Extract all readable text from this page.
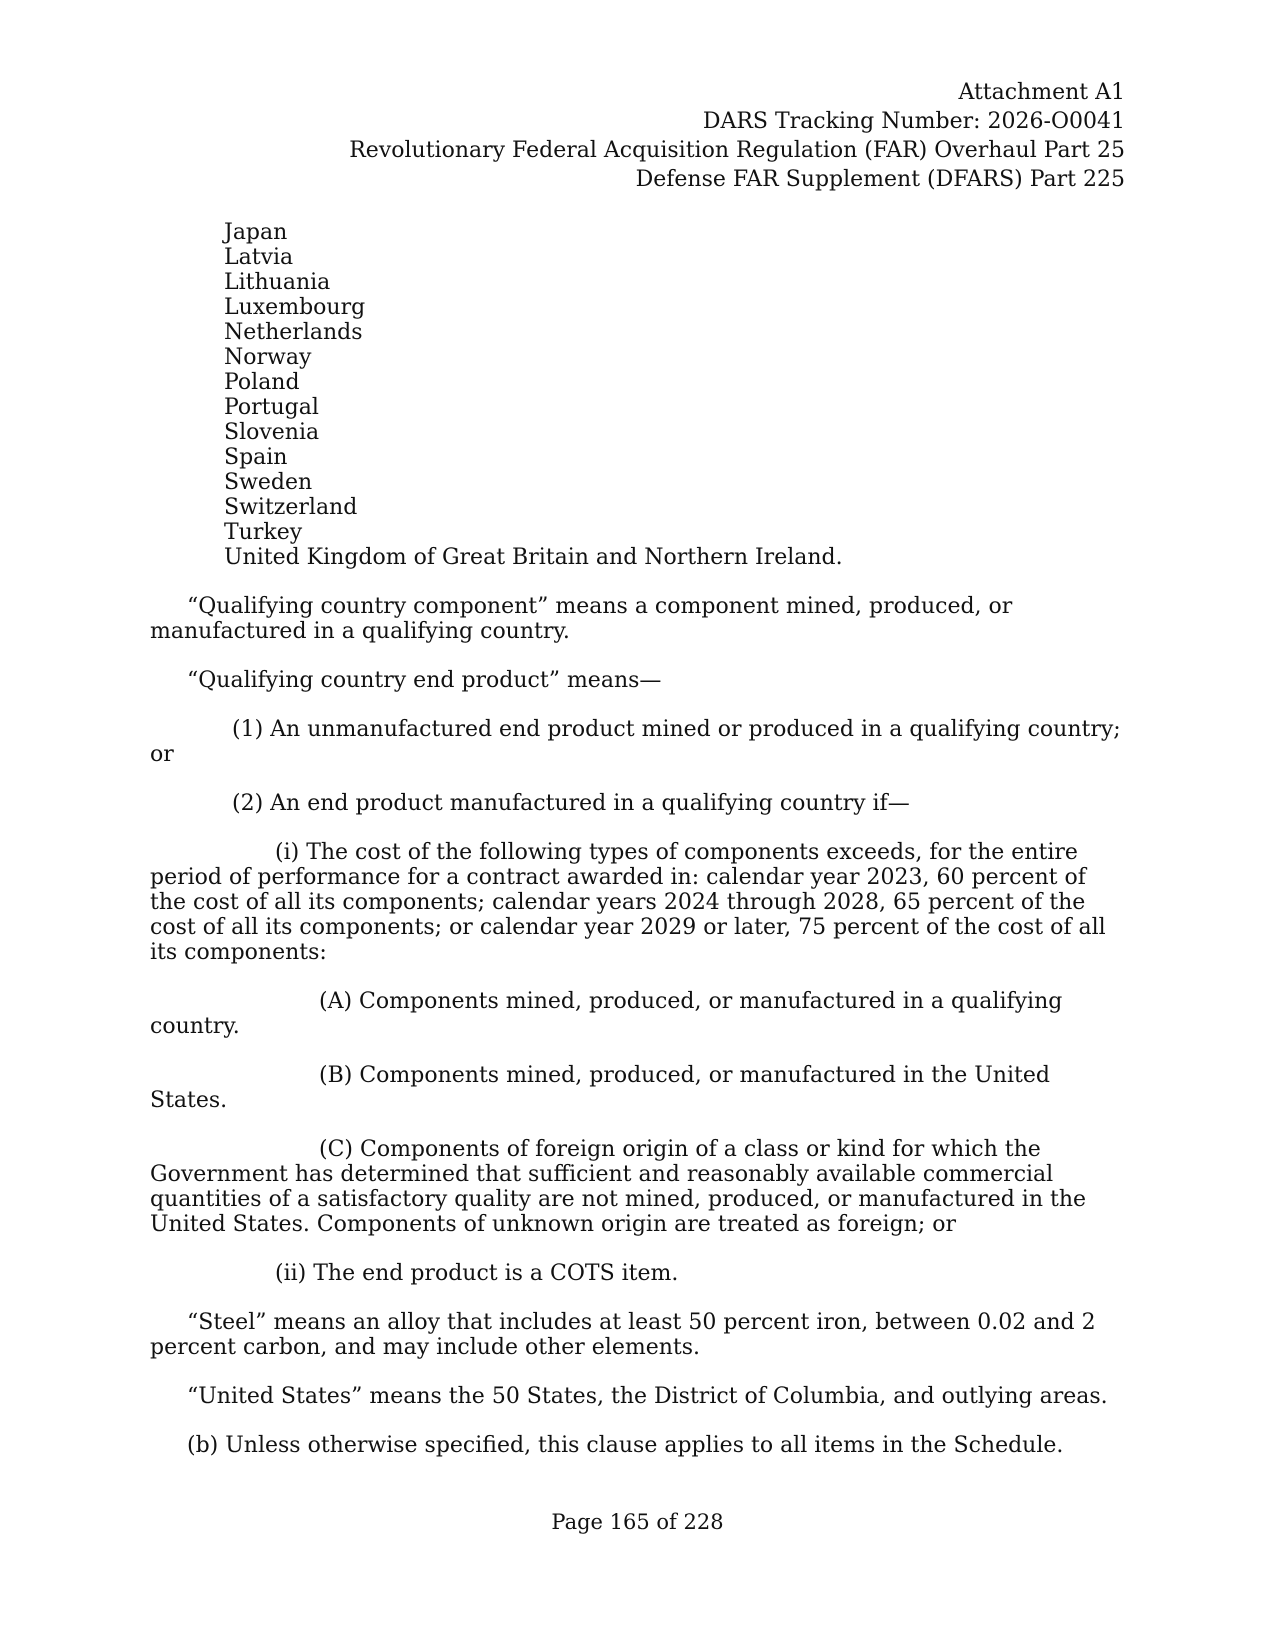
Attachment A1
DARS Tracking Number: 2026-O0041
Revolutionary Federal Acquisition Regulation (FAR) Overhaul Part 25
Defense FAR Supplement (DFARS) Part 225
Japan
Latvia
Lithuania
Luxembourg
Netherlands
Norway
Poland
Portugal
Slovenia
Spain
Sweden
Switzerland
Turkey
United Kingdom of Great Britain and Northern Ireland.

“Qualifying country component” means a component mined, produced, or manufactured in a qualifying country.

“Qualifying country end product” means—

(1) An unmanufactured end product mined or produced in a qualifying country; or

(2) An end product manufactured in a qualifying country if—

(i) The cost of the following types of components exceeds, for the entire period of performance for a contract awarded in: calendar year 2023, 60 percent of the cost of all its components; calendar years 2024 through 2028, 65 percent of the cost of all its components; or calendar year 2029 or later, 75 percent of the cost of all its components:

(A) Components mined, produced, or manufactured in a qualifying country.

(B) Components mined, produced, or manufactured in the United States.

(C) Components of foreign origin of a class or kind for which the Government has determined that sufficient and reasonably available commercial quantities of a satisfactory quality are not mined, produced, or manufactured in the United States. Components of unknown origin are treated as foreign; or

(ii) The end product is a COTS item.

“Steel” means an alloy that includes at least 50 percent iron, between 0.02 and 2 percent carbon, and may include other elements.

“United States” means the 50 States, the District of Columbia, and outlying areas.

(b) Unless otherwise specified, this clause applies to all items in the Schedule.

Page 165 of 228
